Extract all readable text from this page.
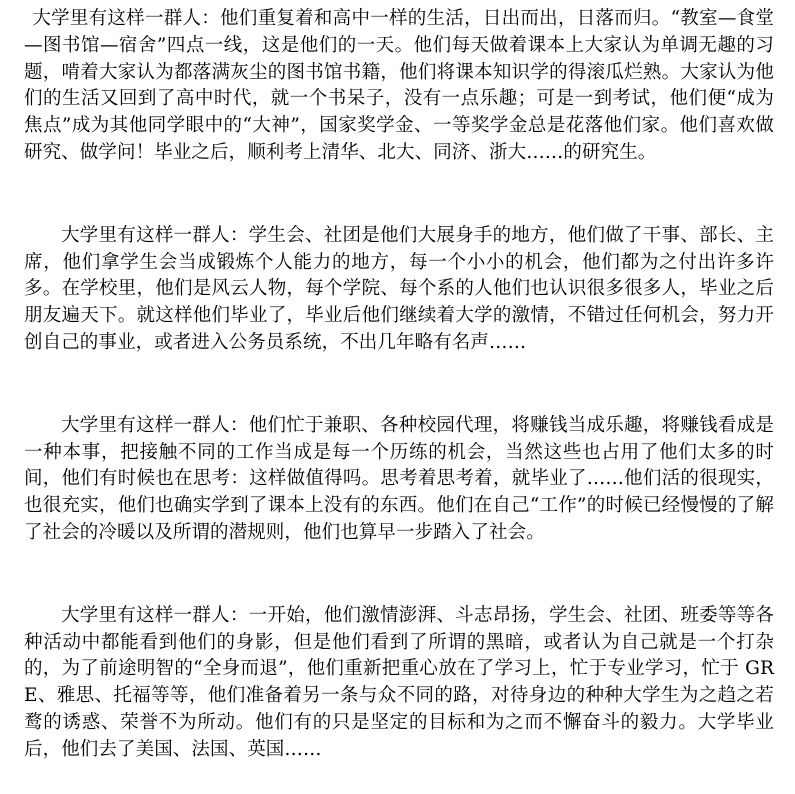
大学里有这样一群人：他们重复着和高中一样的生活，日出而出，日落而归。“教室—食堂—图书馆—宿舍”四点一线，这是他们的一天。他们每天做着课本上大家认为单调无趣的习题，啃着大家认为都落满灰尘的图书馆书籍，他们将课本知识学的得滚瓜烂熟。大家认为他们的生活又回到了高中时代，就一个书呆子，没有一点乐趣；可是一到考试，他们便“成为焦点”成为其他同学眼中的“大神”，国家奖学金、一等奖学金总是花落他们家。他们喜欢做研究、做学问！毕业之后，顺利考上清华、北大、同济、浙大……的研究生。

大学里有这样一群人：学生会、社团是他们大展身手的地方，他们做了干事、部长、主席，他们拿学生会当成锻炼个人能力的地方，每一个小小的机会，他们都为之付出许多许多。在学校里，他们是风云人物，每个学院、每个系的人他们也认识很多很多人，毕业之后朋友遍天下。就这样他们毕业了，毕业后他们继续着大学的激情，不错过任何机会，努力开创自己的事业，或者进入公务员系统，不出几年略有名声……

大学里有这样一群人：他们忙于兼职、各种校园代理，将赚钱当成乐趣，将赚钱看成是一种本事，把接触不同的工作当成是每一个历练的机会，当然这些也占用了他们太多的时间，他们有时候也在思考：这样做值得吗。思考着思考着，就毕业了……他们活的很现实，也很充实，他们也确实学到了课本上没有的东西。他们在自己“工作”的时候已经慢慢的了解了社会的冷暖以及所谓的潜规则，他们也算早一步踏入了社会。

大学里有这样一群人：一开始，他们激情澎湃、斗志昂扬，学生会、社团、班委等等各种活动中都能看到他们的身影，但是他们看到了所谓的黑暗，或者认为自己就是一个打杂的，为了前途明智的“全身而退”，他们重新把重心放在了学习上，忙于专业学习，忙于 GRE、雅思、托福等等，他们准备着另一条与众不同的路，对待身边的种种大学生为之趋之若鹜的诱惑、荣誉不为所动。他们有的只是坚定的目标和为之而不懈奋斗的毅力。大学毕业后，他们去了美国、法国、英国……
